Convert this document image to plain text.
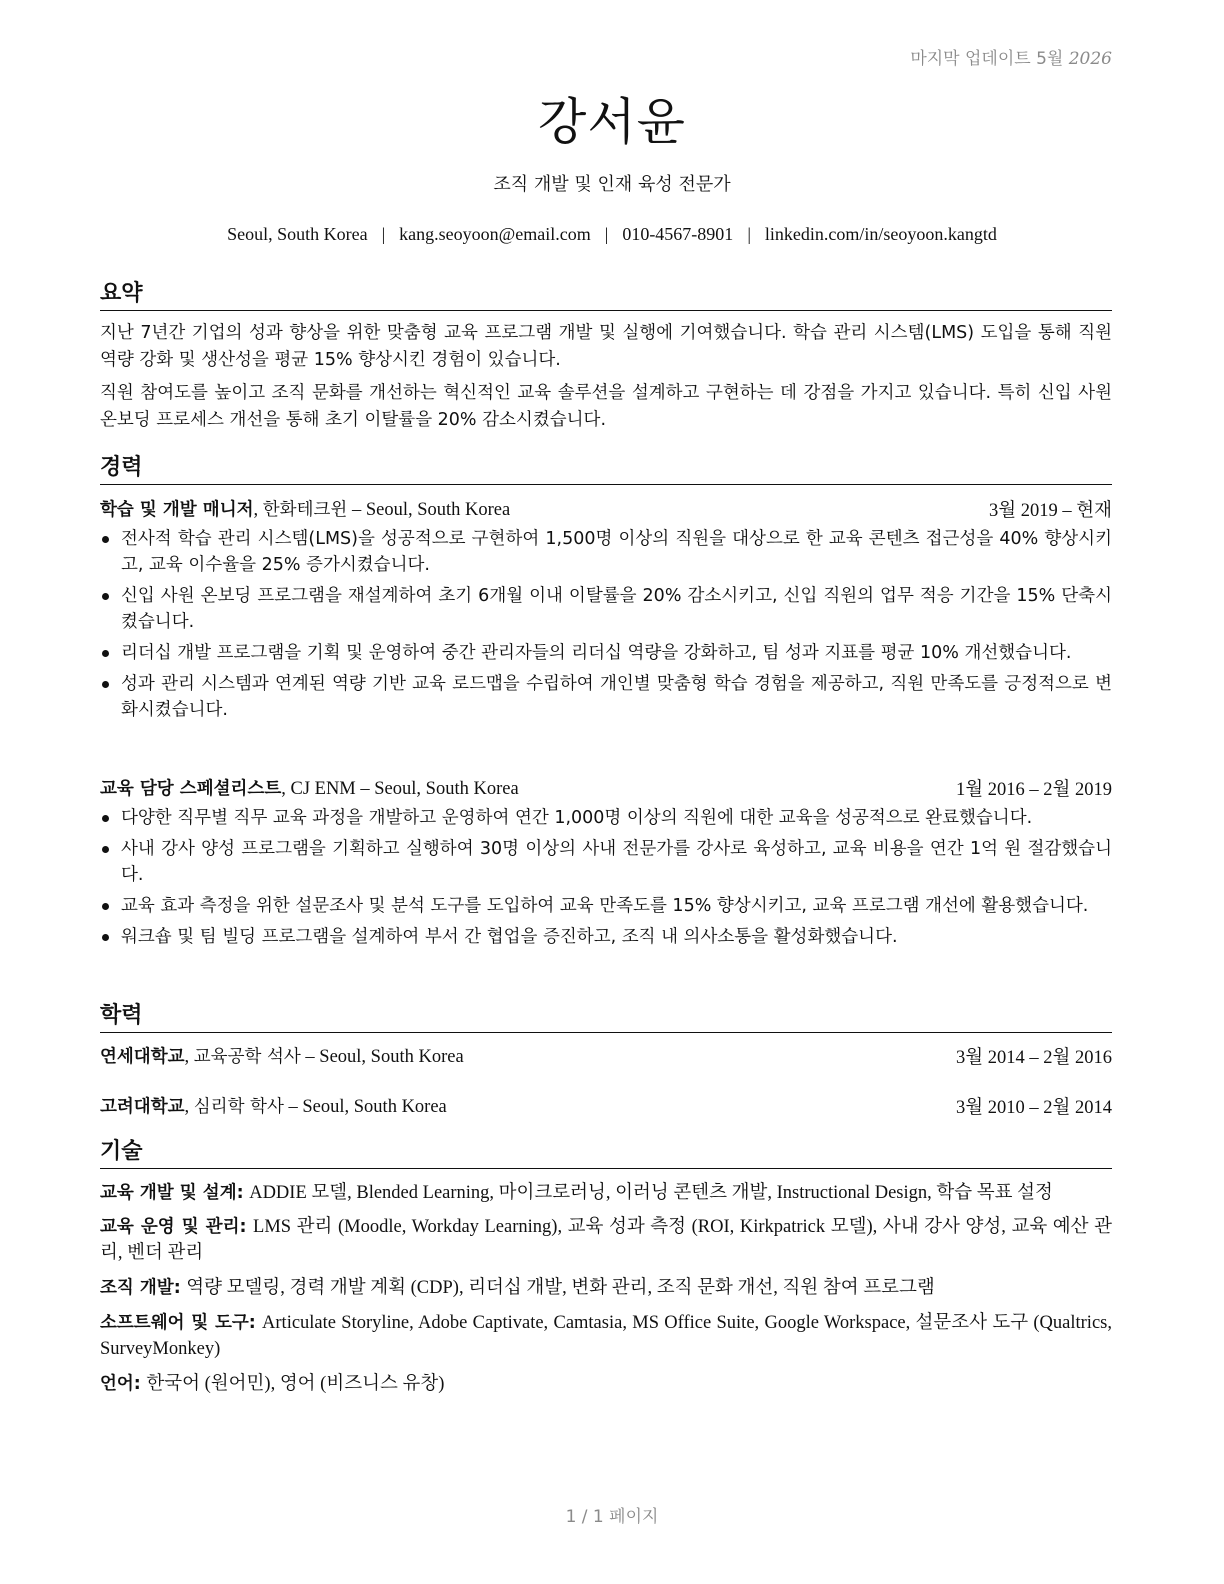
마지막 업데이트 5월 2026
강서윤
조직 개발 및 인재 육성 전문가
Seoul, South Korea | kang.seoyoon@email.com | 010-4567-8901 | linkedin.com/in/seoyoon.kangtd
요약
지난 7년간 기업의 성과 향상을 위한 맞춤형 교육 프로그램 개발 및 실행에 기여했습니다. 학습 관리 시스템(LMS) 도입을 통해 직원 역량 강화 및 생산성을 평균 15% 향상시킨 경험이 있습니다.
직원 참여도를 높이고 조직 문화를 개선하는 혁신적인 교육 솔루션을 설계하고 구현하는 데 강점을 가지고 있습니다. 특히 신입 사원 온보딩 프로세스 개선을 통해 초기 이탈률을 20% 감소시켰습니다.
경력
학습 및 개발 매니저, 한화테크윈 – Seoul, South Korea	3월 2019 – 현재
전사적 학습 관리 시스템(LMS)을 성공적으로 구현하여 1,500명 이상의 직원을 대상으로 한 교육 콘텐츠 접근성을 40% 향상시키고, 교육 이수율을 25% 증가시켰습니다.
신입 사원 온보딩 프로그램을 재설계하여 초기 6개월 이내 이탈률을 20% 감소시키고, 신입 직원의 업무 적응 기간을 15% 단축시켰습니다.
리더십 개발 프로그램을 기획 및 운영하여 중간 관리자들의 리더십 역량을 강화하고, 팀 성과 지표를 평균 10% 개선했습니다.
성과 관리 시스템과 연계된 역량 기반 교육 로드맵을 수립하여 개인별 맞춤형 학습 경험을 제공하고, 직원 만족도를 긍정적으로 변화시켰습니다.
교육 담당 스페셜리스트, CJ ENM – Seoul, South Korea	1월 2016 – 2월 2019
다양한 직무별 직무 교육 과정을 개발하고 운영하여 연간 1,000명 이상의 직원에 대한 교육을 성공적으로 완료했습니다.
사내 강사 양성 프로그램을 기획하고 실행하여 30명 이상의 사내 전문가를 강사로 육성하고, 교육 비용을 연간 1억 원 절감했습니다.
교육 효과 측정을 위한 설문조사 및 분석 도구를 도입하여 교육 만족도를 15% 향상시키고, 교육 프로그램 개선에 활용했습니다.
워크숍 및 팀 빌딩 프로그램을 설계하여 부서 간 협업을 증진하고, 조직 내 의사소통을 활성화했습니다.
학력
연세대학교, 교육공학 석사 – Seoul, South Korea	3월 2014 – 2월 2016
고려대학교, 심리학 학사 – Seoul, South Korea	3월 2010 – 2월 2014
기술
교육 개발 및 설계: ADDIE 모델, Blended Learning, 마이크로러닝, 이러닝 콘텐츠 개발, Instructional Design, 학습 목표 설정
교육 운영 및 관리: LMS 관리 (Moodle, Workday Learning), 교육 성과 측정 (ROI, Kirkpatrick 모델), 사내 강사 양성, 교육 예산 관리, 벤더 관리
조직 개발: 역량 모델링, 경력 개발 계획 (CDP), 리더십 개발, 변화 관리, 조직 문화 개선, 직원 참여 프로그램
소프트웨어 및 도구: Articulate Storyline, Adobe Captivate, Camtasia, MS Office Suite, Google Workspace, 설문조사 도구 (Qualtrics, SurveyMonkey)
언어: 한국어 (원어민), 영어 (비즈니스 유창)
1 / 1 페이지
